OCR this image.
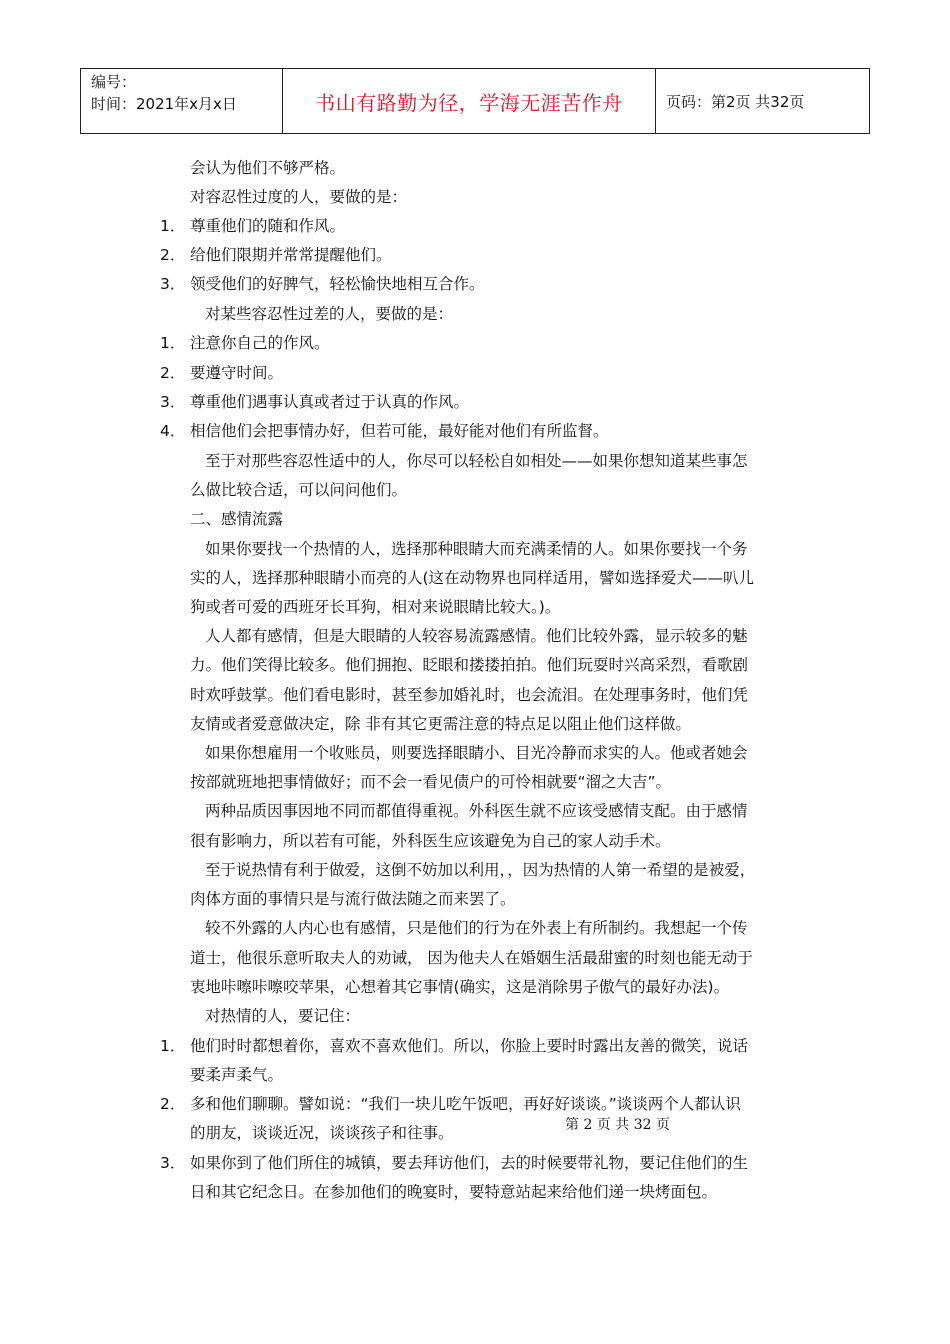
编号：
时间：2021年x月x日	书山有路勤为径，学海无涯苦作舟	页码：第2页 共32页
会认为他们不够严格。
对容忍性过度的人，要做的是：
1． 尊重他们的随和作风。
2． 给他们限期并常常提醒他们。
3． 领受他们的好脾气，轻松愉快地相互合作。
对某些容忍性过差的人，要做的是：
1． 注意你自己的作风。
2． 要遵守时间。
3． 尊重他们遇事认真或者过于认真的作风。
4． 相信他们会把事情办好，但若可能，最好能对他们有所监督。
至于对那些容忍性适中的人，你尽可以轻松自如相处——如果你想知道某些事怎
么做比较合适，可以问问他们。
二、感情流露
如果你要找一个热情的人，选择那种眼睛大而充满柔情的人。如果你要找一个务
实的人，选择那种眼睛小而亮的人(这在动物界也同样适用，譬如选择爱犬——叭儿
狗或者可爱的西班牙长耳狗，相对来说眼睛比较大。)。
人人都有感情，但是大眼睛的人较容易流露感情。他们比较外露，显示较多的魅
力。他们笑得比较多。他们拥抱、眨眼和搂搂拍拍。他们玩耍时兴高采烈，看歌剧
时欢呼鼓掌。他们看电影时，甚至参加婚礼时，也会流泪。在处理事务时，他们凭
友情或者爱意做决定，除 非有其它更需注意的特点足以阻止他们这样做。
如果你想雇用一个收账员，则要选择眼睛小、目光冷静而求实的人。他或者她会
按部就班地把事情做好；而不会一看见债户的可怜相就要“溜之大吉”。
两种品质因事因地不同而都值得重视。外科医生就不应该受感情支配。由于感情
很有影响力，所以若有可能，外科医生应该避免为自己的家人动手术。
至于说热情有利于做爱，这倒不妨加以利用，，因为热情的人第一希望的是被爱，
肉体方面的事情只是与流行做法随之而来罢了。
较不外露的人内心也有感情，只是他们的行为在外表上有所制约。我想起一个传
道士，他很乐意听取夫人的劝诫， 因为他夫人在婚姻生活最甜蜜的时刻也能无动于
衷地咔嚓咔嚓咬苹果，心想着其它事情(确实，这是消除男子傲气的最好办法)。
对热情的人，要记住：
1． 他们时时都想着你，喜欢不喜欢他们。所以，你脸上要时时露出友善的微笑，说话
要柔声柔气。
2． 多和他们聊聊。譬如说：“我们一块儿吃午饭吧，再好好谈谈。”谈谈两个人都认识
的朋友，谈谈近况，谈谈孩子和往事。
3． 如果你到了他们所住的城镇，要去拜访他们，去的时候要带礼物，要记住他们的生
日和其它纪念日。在参加他们的晚宴时，要特意站起来给他们递一块烤面包。
第 2 页 共 32 页
